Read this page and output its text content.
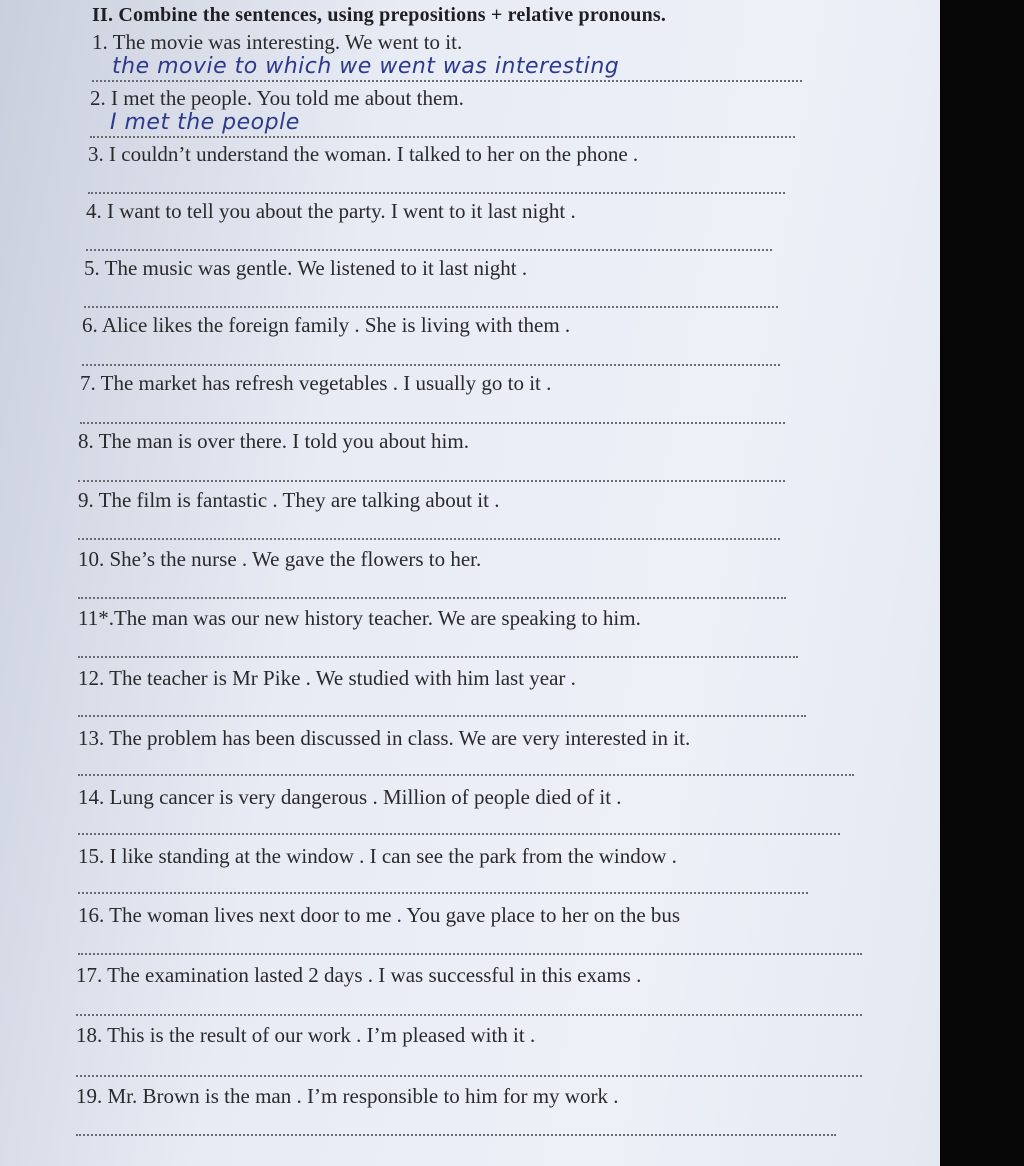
II. Combine the sentences, using prepositions + relative pronouns.
1. The movie was interesting. We went to it.
the movie to which we went was interesting
2. I met the people. You told me about them.
I met the people
3. I couldn’t understand the woman. I talked to her on the phone .
4. I want to tell you about the party. I went to it last night .
5. The music was gentle. We listened to it last night .
6. Alice likes the foreign family . She is living with them .
7. The market has refresh vegetables . I usually go to it .
8. The man is over there. I told you about him.
9. The film is fantastic . They are talking about it .
10. She’s the nurse . We gave the flowers to her.
11*.The man was our new history teacher. We are speaking to him.
12. The teacher is Mr Pike . We studied with him last year .
13. The problem has been discussed in class. We are very interested in it.
14. Lung cancer is very dangerous . Million of people died of it .
15. I like standing at the window . I can see the park from the window .
16. The woman lives next door to me . You gave place to her on the bus
17. The examination lasted 2 days . I was successful in this exams .
18. This is the result of our work . I’m pleased with it .
19. Mr. Brown is the man . I’m responsible to him for my work .
